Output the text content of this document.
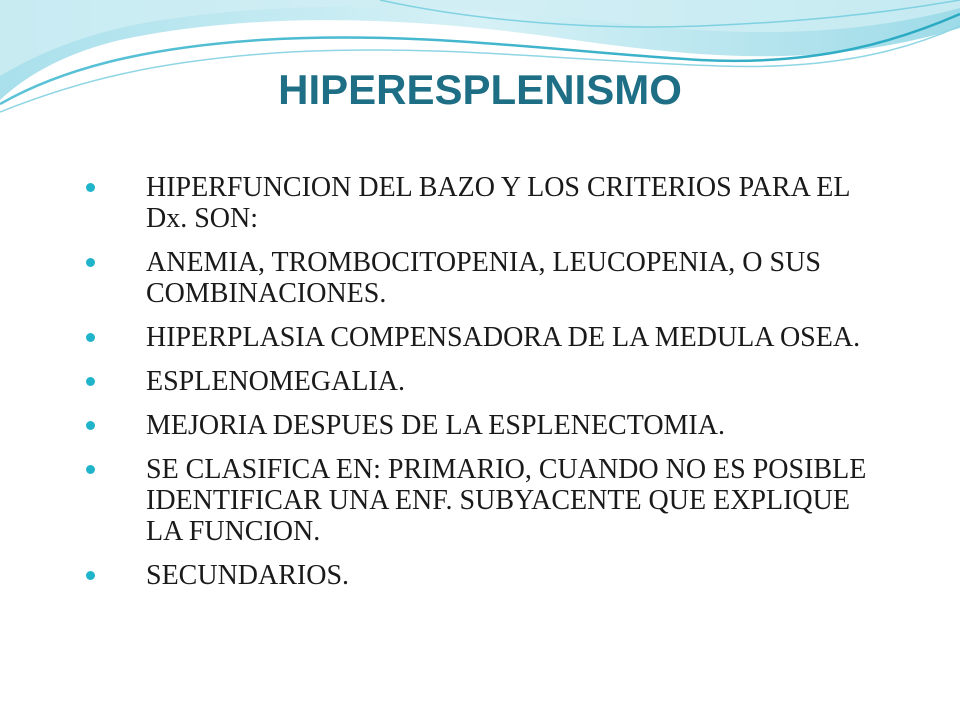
HIPERESPLENISMO
HIPERFUNCION DEL BAZO Y LOS CRITERIOS PARA EL Dx. SON:
ANEMIA, TROMBOCITOPENIA, LEUCOPENIA, O SUS COMBINACIONES.
HIPERPLASIA COMPENSADORA DE LA MEDULA OSEA.
ESPLENOMEGALIA.
MEJORIA DESPUES DE LA ESPLENECTOMIA.
SE CLASIFICA EN: PRIMARIO, CUANDO NO ES POSIBLE IDENTIFICAR UNA ENF. SUBYACENTE QUE EXPLIQUE LA FUNCION.
SECUNDARIOS.
